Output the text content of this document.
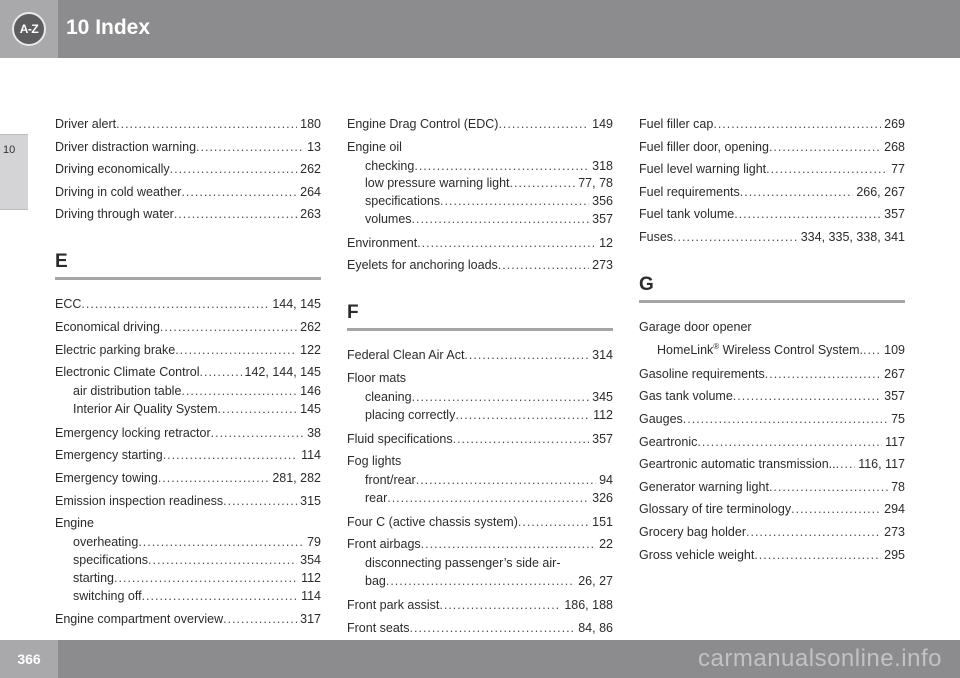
A-Z	10 Index
10
Driver alert .....	180
Driver distraction warning .....	13
Driving economically .....	262
Driving in cold weather .....	264
Driving through water .....	263
E
ECC .....	144, 145
Economical driving .....	262
Electric parking brake .....	122
Electronic Climate Control .....	142, 144, 145
air distribution table .....	146
Interior Air Quality System .....	145
Emergency locking retractor .....	38
Emergency starting .....	114
Emergency towing .....	281, 282
Emission inspection readiness .....	315
Engine
overheating .....	79
specifications .....	354
starting .....	112
switching off .....	114
Engine compartment overview .....	317
Engine Drag Control (EDC) .....	149
Engine oil
checking .....	318
low pressure warning light .....	77, 78
specifications .....	356
volumes .....	357
Environment .....	12
Eyelets for anchoring loads .....	273
F
Federal Clean Air Act .....	314
Floor mats
cleaning .....	345
placing correctly .....	112
Fluid specifications .....	357
Fog lights
front/rear .....	94
rear .....	326
Four C (active chassis system) .....	151
Front airbags .....	22
disconnecting passenger’s side air-
bag .....	26, 27
Front park assist .....	186, 188
Front seats .....	84, 86
Fuel filler cap .....	269
Fuel filler door, opening .....	268
Fuel level warning light .....	77
Fuel requirements .....	266, 267
Fuel tank volume .....	357
Fuses .....	334, 335, 338, 341
G
Garage door opener
HomeLink® Wireless Control System. ..... 109
Gasoline requirements .....	267
Gas tank volume .....	357
Gauges .....	75
Geartronic .....	117
Geartronic automatic transmission.. ..... 116, 117
Generator warning light .....	78
Glossary of tire terminology .....	294
Grocery bag holder .....	273
Gross vehicle weight .....	295
366	carmanualsonline.info
